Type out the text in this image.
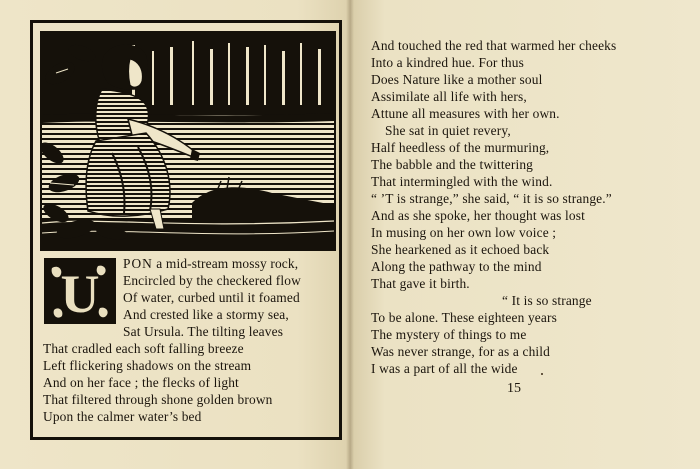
U
PON a mid-stream mossy rock,
Encircled by the checkered flow
Of water, curbed until it foamed
And crested like a stormy sea,
Sat Ursula. The tilting leaves
That cradled each soft falling breeze
Left flickering shadows on the stream
And on her face ; the flecks of light
That filtered through shone golden brown
Upon the calmer water’s bed
And touched the red that warmed her cheeks
Into a kindred hue. For thus
Does Nature like a mother soul
Assimilate all life with hers,
Attune all measures with her own.
She sat in quiet revery,
Half heedless of the murmuring,
The babble and the twittering
That intermingled with the wind.
“ ’T is strange,” she said, “ it is so strange.”
And as she spoke, her thought was lost
In musing on her own low voice ;
She hearkened as it echoed back
Along the pathway to the mind
That gave it birth.
“ It is so strange
To be alone. These eighteen years
The mystery of things to me
Was never strange, for as a child
I was a part of all the wide
15
